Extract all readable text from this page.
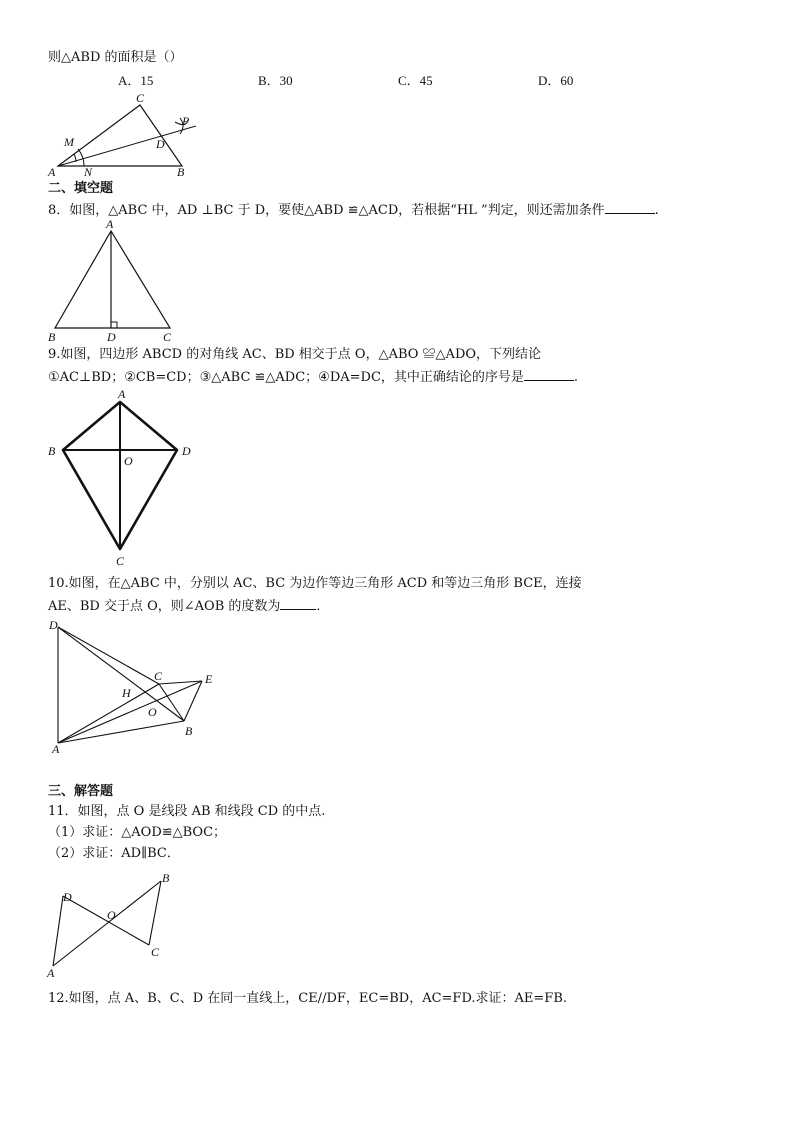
则△ABD 的面积是（）
A．15	B．30	C．45	D．60
C
P
M	D
A N	B
二、填空题
8．如图，△ABC 中，AD ⊥BC 于 D，要使△ABD ≌△ACD，若根据“HL ”判定，则还需加条件	.
A
B	D	C
9.如图，四边形 ABCD 的对角线 AC、BD 相交于点 O，△ABO ≌△ADO，下列结论
①AC⊥BD；②CB=CD；③△ABC ≌△ADC；④DA=DC，其中正确结论的序号是	.
A
B
O
D
C
10.如图，在△ABC 中，分别以 AC、BC 为边作等边三角形 ACD 和等边三角形 BCE，连接
AE、BD 交于点 O，则∠AOB 的度数为	．
D
C	E
H
O
B
A
三、解答题
11．如图，点 O 是线段 AB 和线段 CD 的中点.
（1）求证：△AOD≌△BOC；
（2）求证：AD∥BC．
B
D
O
C
A
12.如图，点 A、B、C、D 在同一直线上，CE//DF，EC=BD，AC=FD.求证：AE=FB.
